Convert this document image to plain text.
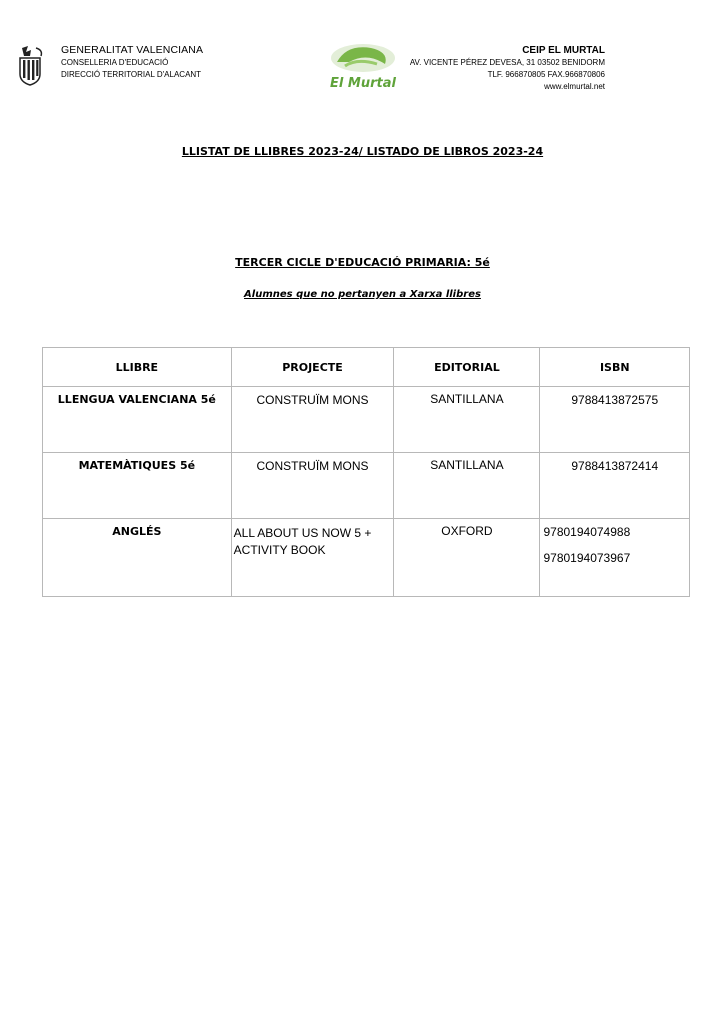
GENERALITAT VALENCIANA
CONSELLERIA D'EDUCACIÓ
DIRECCIÓ TERRITORIAL D'ALACANT
El Murtal
CEIP EL MURTAL
AV. VICENTE PÉREZ DEVESA, 31 03502 BENIDORM
TLF. 966870805 FAX.966870806
www.elmurtal.net
LLISTAT DE LLIBRES 2023-24/ LISTADO DE LIBROS 2023-24
TERCER CICLE D'EDUCACIÓ PRIMARIA: 5é
Alumnes que no pertanyen a Xarxa llibres
LLIBRE	PROJECTE	EDITORIAL	ISBN
LLENGUA VALENCIANA 5é	CONSTRUÏM MONS	SANTILLANA	9788413872575

MATEMÀTIQUES 5é	CONSTRUÏM MONS	SANTILLANA	9788413872414

ANGLÉS	ALL ABOUT US NOW 5 + ACTIVITY BOOK	OXFORD	9780194074988
9780194073967
